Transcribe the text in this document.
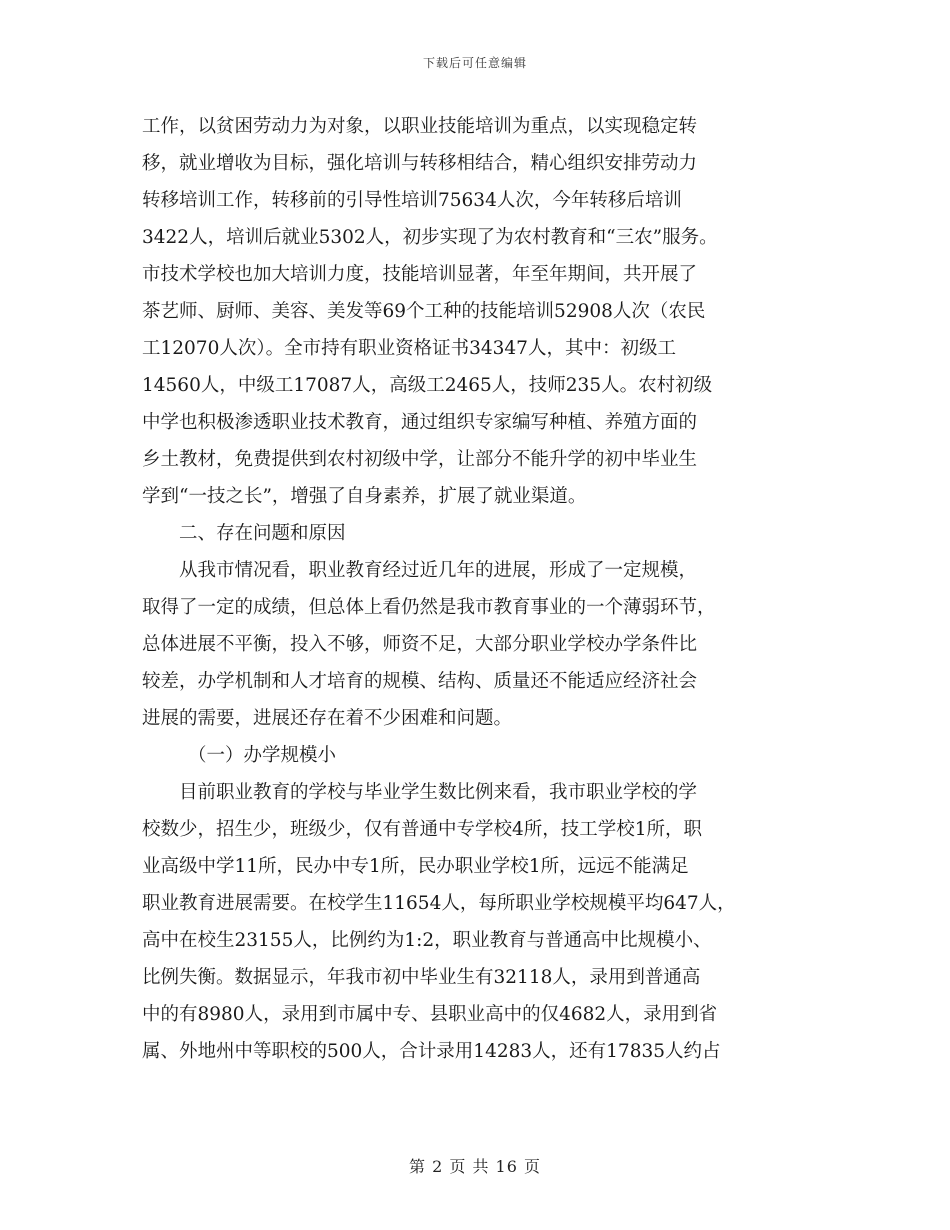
下载后可任意编辑
工作，以贫困劳动力为对象，以职业技能培训为重点，以实现稳定转
移，就业增收为目标，强化培训与转移相结合，精心组织安排劳动力
转移培训工作，转移前的引导性培训75634人次，今年转移后培训
3422人，培训后就业5302人，初步实现了为农村教育和“三农”服务。
市技术学校也加大培训力度，技能培训显著，年至年期间，共开展了
茶艺师、厨师、美容、美发等69个工种的技能培训52908人次（农民
工12070人次）。全市持有职业资格证书34347人，其中：初级工
14560人，中级工17087人，高级工2465人，技师235人。农村初级
中学也积极渗透职业技术教育，通过组织专家编写种植、养殖方面的
乡土教材，免费提供到农村初级中学，让部分不能升学的初中毕业生
学到“一技之长”，增强了自身素养，扩展了就业渠道。
二、存在问题和原因
从我市情况看，职业教育经过近几年的进展，形成了一定规模，
取得了一定的成绩，但总体上看仍然是我市教育事业的一个薄弱环节，
总体进展不平衡，投入不够，师资不足，大部分职业学校办学条件比
较差，办学机制和人才培育的规模、结构、质量还不能适应经济社会
进展的需要，进展还存在着不少困难和问题。
（一）办学规模小
目前职业教育的学校与毕业学生数比例来看，我市职业学校的学
校数少，招生少，班级少，仅有普通中专学校4所，技工学校1所，职
业高级中学11所，民办中专1所，民办职业学校1所，远远不能满足
职业教育进展需要。在校学生11654人，每所职业学校规模平均647人，
高中在校生23155人，比例约为1:2，职业教育与普通高中比规模小、
比例失衡。数据显示，年我市初中毕业生有32118人，录用到普通高
中的有8980人，录用到市属中专、县职业高中的仅4682人，录用到省
属、外地州中等职校的500人，合计录用14283人，还有17835人约占
第 2 页 共 16 页
